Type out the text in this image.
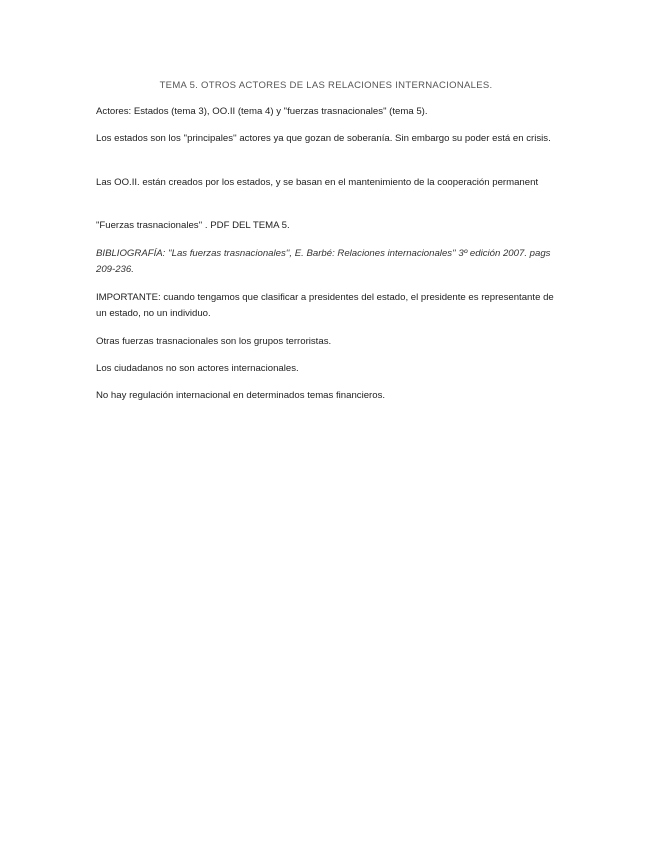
TEMA 5. OTROS ACTORES DE LAS RELACIONES INTERNACIONALES.

Actores: Estados (tema 3), OO.II (tema 4) y "fuerzas trasnacionales" (tema 5).

Los estados son los ''principales'' actores ya que gozan de soberanía. Sin embargo su poder está en crisis.

Las OO.II. están creados por los estados, y se basan en el mantenimiento de la cooperación permanent

"Fuerzas trasnacionales'' . PDF DEL TEMA 5.

BIBLIOGRAFÍA: ''Las fuerzas trasnacionales'', E. Barbé: Relaciones internacionales'' 3º edición 2007. pags 209-236.

IMPORTANTE: cuando tengamos que clasificar a presidentes del estado, el presidente es representante de un estado, no un individuo.

Otras fuerzas trasnacionales son los grupos terroristas.

Los ciudadanos no son actores internacionales.

No hay regulación internacional en determinados temas financieros.
